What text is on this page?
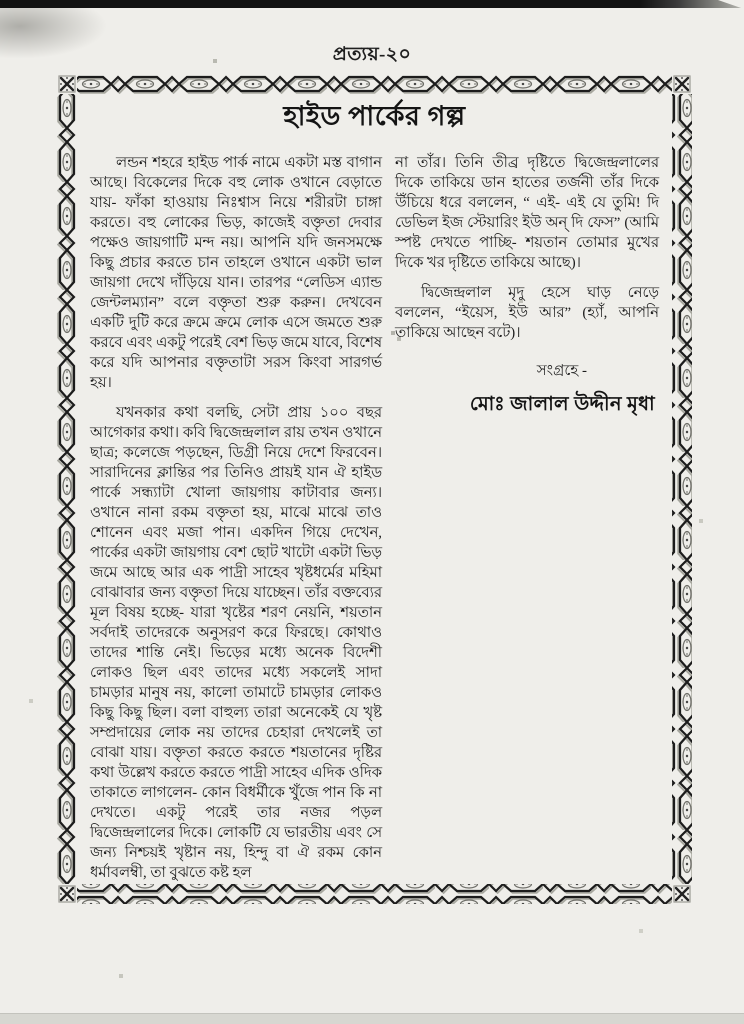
প্রত্যয়-২০
হাইড পার্কের গল্প

লন্ডন শহরে হাইড পার্ক নামে একটা মস্ত বাগান আছে। বিকেলের দিকে বহু লোক ওখানে বেড়াতে যায়- ফাঁকা হাওয়ায় নিঃশ্বাস নিয়ে শরীরটা চাঙ্গা করতে। বহু লোকের ভিড়, কাজেই বক্তৃতা দেবার পক্ষেও জায়গাটি মন্দ নয়। আপনি যদি জনসমক্ষে কিছু প্রচার করতে চান তাহলে ওখানে একটা ভাল জায়গা দেখে দাঁড়িয়ে যান। তারপর “লেডিস এ্যান্ড জেন্টলম্যান” বলে বক্তৃতা শুরু করুন। দেখবেন একটি দুটি করে ক্রমে ক্রমে লোক এসে জমতে শুরু করবে এবং একটু পরেই বেশ ভিড় জমে যাবে, বিশেষ করে যদি আপনার বক্তৃতাটা সরস কিংবা সারগর্ভ হয়।

যখনকার কথা বলছি, সেটা প্রায় ১০০ বছর আগেকার কথা। কবি দ্বিজেন্দ্রলাল রায় তখন ওখানে ছাত্র; কলেজে পড়ছেন, ডিগ্রী নিয়ে দেশে ফিরবেন। সারাদিনের ক্লান্তির পর তিনিও প্রায়ই যান ঐ হাইড পার্কে সন্ধ্যাটা খোলা জায়গায় কাটাবার জন্য। ওখানে নানা রকম বক্তৃতা হয়, মাঝে মাঝে তাও শোনেন এবং মজা পান। একদিন গিয়ে দেখেন, পার্কের একটা জায়গায় বেশ ছোট খাটো একটা ভিড় জমে আছে আর এক পাদ্রী সাহেব খৃষ্টধর্মের মহিমা বোঝাবার জন্য বক্তৃতা দিয়ে যাচ্ছেন। তাঁর বক্তব্যের মূল বিষয় হচ্ছে- যারা খৃষ্টের শরণ নেয়নি, শয়তান সর্বদাই তাদেরকে অনুসরণ করে ফিরছে। কোথাও তাদের শান্তি নেই। ভিড়ের মধ্যে অনেক বিদেশী লোকও ছিল এবং তাদের মধ্যে সকলেই সাদা চামড়ার মানুষ নয়, কালো তামাটে চামড়ার লোকও কিছু কিছু ছিল। বলা বাহুল্য তারা অনেকেই যে খৃষ্ট সম্প্রদায়ের লোক নয় তাদের চেহারা দেখলেই তা বোঝা যায়। বক্তৃতা করতে করতে শয়তানের দৃষ্টির কথা উল্লেখ করতে করতে পাদ্রী সাহেব এদিক ওদিক তাকাতে লাগলেন- কোন বিধর্মীকে খুঁজে পান কি না দেখতে। একটু পরেই তার নজর পড়ল দ্বিজেন্দ্রলালের দিকে। লোকটি যে ভারতীয় এবং সে জন্য নিশ্চয়ই খৃষ্টান নয়, হিন্দু বা ঐ রকম কোন ধর্মাবলম্বী, তা বুঝতে কষ্ট হল

না তাঁর। তিনি তীব্র দৃষ্টিতে দ্বিজেন্দ্রলালের দিকে তাকিয়ে ডান হাতের তর্জনী তাঁর দিকে উঁচিয়ে ধরে বললেন, “ এই- এই যে তুমি! দি ডেভিল ইজ স্টেয়ারিং ইউ অন্ দি ফেস” (আমি স্পষ্ট দেখতে পাচ্ছি- শয়তান তোমার মুখের দিকে খর দৃষ্টিতে তাকিয়ে আছে)।

দ্বিজেন্দ্রলাল মৃদু হেসে ঘাড় নেড়ে বললেন, “ইয়েস, ইউ আর” (হ্যাঁ, আপনি তাকিয়ে আছেন বটে)।

সংগ্রহে -
মোঃ জালাল উদ্দীন মৃধা
